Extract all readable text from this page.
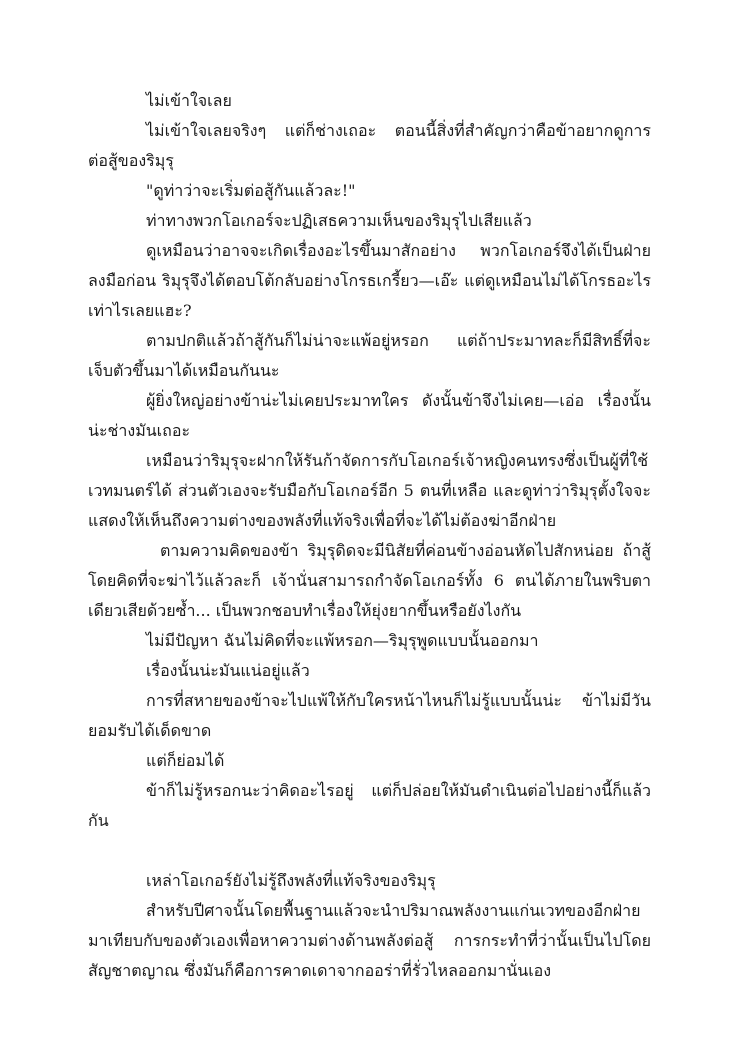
ไม่เข้าใจเลย

ไม่เข้าใจเลยจริงๆ แต่ก็ช่างเถอะ ตอนนี้สิ่งที่สำคัญกว่าคือข้าอยากดูการต่อสู้ของริมุรุ

"ดูท่าว่าจะเริ่มต่อสู้กันแล้วละ!"

ท่าทางพวกโอเกอร์จะปฏิเสธความเห็นของริมุรุไปเสียแล้ว

ดูเหมือนว่าอาจจะเกิดเรื่องอะไรขึ้นมาสักอย่าง พวกโอเกอร์จึงได้เป็นฝ่ายลงมือก่อน ริมุรุจึงได้ตอบโต้กลับอย่างโกรธเกรี้ยว—เอ๊ะ แต่ดูเหมือนไม่ได้โกรธอะไรเท่าไรเลยแฮะ?

ตามปกติแล้วถ้าสู้กันก็ไม่น่าจะแพ้อยู่หรอก แต่ถ้าประมาทละก็มีสิทธิ์ที่จะเจ็บตัวขึ้นมาได้เหมือนกันนะ

ผู้ยิ่งใหญ่อย่างข้าน่ะไม่เคยประมาทใคร ดังนั้นข้าจึงไม่เคย—เอ่อ เรื่องนั้นน่ะช่างมันเถอะ

เหมือนว่าริมุรุจะฝากให้รันก้าจัดการกับโอเกอร์เจ้าหญิงคนทรงซึ่งเป็นผู้ที่ใช้เวทมนตร์ได้ ส่วนตัวเองจะรับมือกับโอเกอร์อีก 5 ตนที่เหลือ และดูท่าว่าริมุรุตั้งใจจะแสดงให้เห็นถึงความต่างของพลังที่แท้จริงเพื่อที่จะได้ไม่ต้องฆ่าอีกฝ่าย

ตามความคิดของข้า ริมุรุดิดจะมีนิสัยที่ค่อนข้างอ่อนหัดไปสักหน่อย ถ้าสู้โดยคิดที่จะฆ่าไว้แล้วละก็ เจ้านั่นสามารถกำจัดโอเกอร์ทั้ง 6 ตนได้ภายในพริบตาเดียวเสียด้วยซ้ำ... เป็นพวกชอบทำเรื่องให้ยุ่งยากขึ้นหรือยังไงกัน

ไม่มีปัญหา ฉันไม่คิดที่จะแพ้หรอก—ริมุรุพูดแบบนั้นออกมา

เรื่องนั้นน่ะมันแน่อยู่แล้ว

การที่สหายของข้าจะไปแพ้ให้กับใครหน้าไหนก็ไม่รู้แบบนั้นน่ะ ข้าไม่มีวันยอมรับได้เด็ดขาด

แต่ก็ย่อมได้

ข้าก็ไม่รู้หรอกนะว่าคิดอะไรอยู่ แต่ก็ปล่อยให้มันดำเนินต่อไปอย่างนี้ก็แล้วกัน

เหล่าโอเกอร์ยังไม่รู้ถึงพลังที่แท้จริงของริมุรุ

สำหรับปีศาจนั้นโดยพื้นฐานแล้วจะนำปริมาณพลังงานแก่นเวทของอีกฝ่ายมาเทียบกับของตัวเองเพื่อหาความต่างด้านพลังต่อสู้ การกระทำที่ว่านั้นเป็นไปโดยสัญชาตญาณ ซึ่งมันก็คือการคาดเดาจากออร่าที่รั่วไหลออกมานั่นเอง
